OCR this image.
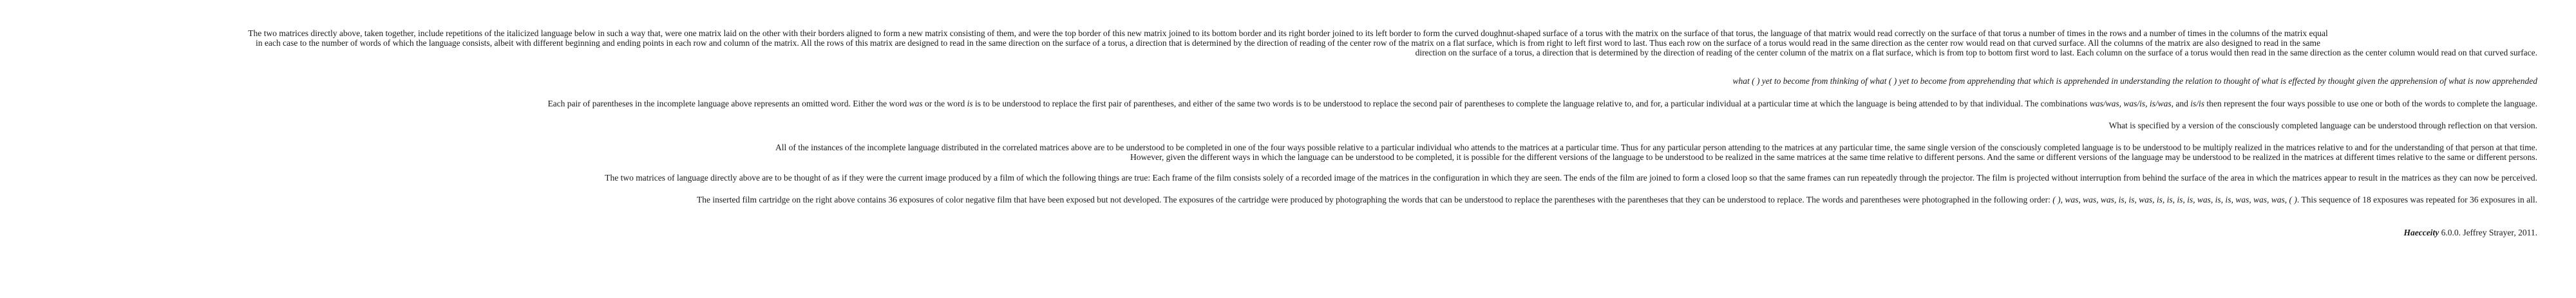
The two matrices directly above, taken together, include repetitions of the italicized language below in such a way that, were one matrix laid on the other with their borders aligned to form a new matrix consisting of them, and were the top border of this new matrix joined to its bottom border and its right border joined to its left border to form the curved doughnut-shaped surface of a torus with the matrix on the surface of that torus, the language of that matrix would read correctly on the surface of that torus a number of times in the rows and a number of times in the columns of the matrix equal
in each case to the number of words of which the language consists, albeit with different beginning and ending points in each row and column of the matrix. All the rows of this matrix are designed to read in the same direction on the surface of a torus, a direction that is determined by the direction of reading of the center row of the matrix on a flat surface, which is from right to left first word to last. Thus each row on the surface of a torus would read in the same direction as the center row would read on that curved surface. All the columns of the matrix are also designed to read in the same
direction on the surface of a torus, a direction that is determined by the direction of reading of the center column of the matrix on a flat surface, which is from top to bottom first word to last. Each column on the surface of a torus would then read in the same direction as the center column would read on that curved surface.
what ( ) yet to become from thinking of what ( ) yet to become from apprehending that which is apprehended in understanding the relation to thought of what is effected by thought given the apprehension of what is now apprehended
Each pair of parentheses in the incomplete language above represents an omitted word. Either the word was or the word is is to be understood to replace the first pair of parentheses, and either of the same two words is to be understood to replace the second pair of parentheses to complete the language relative to, and for, a particular individual at a particular time at which the language is being attended to by that individual. The combinations was/was, was/is, is/was, and is/is then represent the four ways possible to use one or both of the words to complete the language.
What is specified by a version of the consciously completed language can be understood through reflection on that version.
All of the instances of the incomplete language distributed in the correlated matrices above are to be understood to be completed in one of the four ways possible relative to a particular individual who attends to the matrices at a particular time. Thus for any particular person attending to the matrices at any particular time, the same single version of the consciously completed language is to be understood to be multiply realized in the matrices relative to and for the understanding of that person at that time.
However, given the different ways in which the language can be understood to be completed, it is possible for the different versions of the language to be understood to be realized in the same matrices at the same time relative to different persons. And the same or different versions of the language may be understood to be realized in the matrices at different times relative to the same or different persons.
The two matrices of language directly above are to be thought of as if they were the current image produced by a film of which the following things are true: Each frame of the film consists solely of a recorded image of the matrices in the configuration in which they are seen. The ends of the film are joined to form a closed loop so that the same frames can run repeatedly through the projector. The film is projected without interruption from behind the surface of the area in which the matrices appear to result in the matrices as they can now be perceived.
The inserted film cartridge on the right above contains 36 exposures of color negative film that have been exposed but not developed. The exposures of the cartridge were produced by photographing the words that can be understood to replace the parentheses with the parentheses that they can be understood to replace. The words and parentheses were photographed in the following order: ( ), was, was, was, is, is, was, is, is, is, is, was, is, is, was, was, was, ( ). This sequence of 18 exposures was repeated for 36 exposures in all.
Haecceity 6.0.0. Jeffrey Strayer, 2011.
